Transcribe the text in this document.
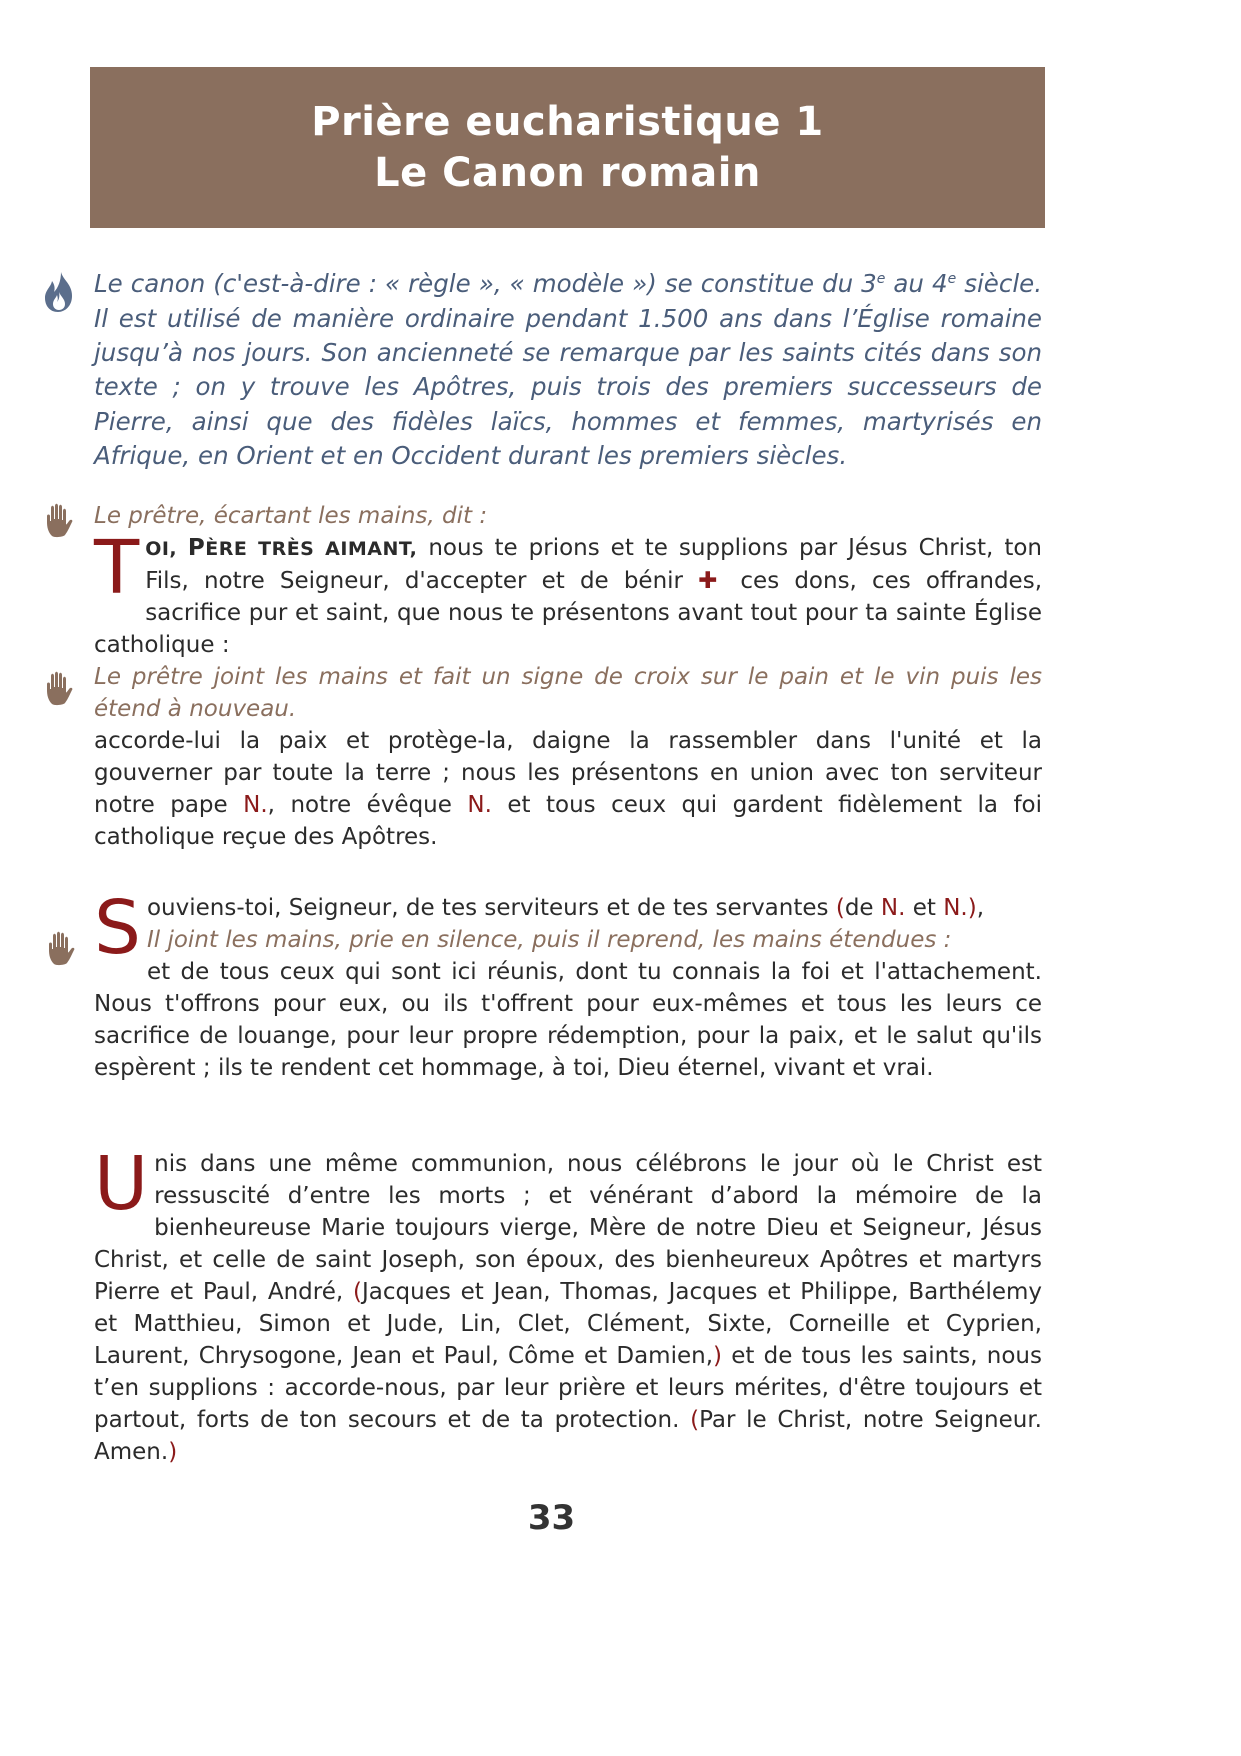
Prière eucharistique 1
Le Canon romain

Le canon (c'est-à-dire : « règle », « modèle ») se constitue du 3e au 4e siècle. Il est utilisé de manière ordinaire pendant 1.500 ans dans l’Église romaine jusqu’à nos jours. Son ancienneté se remarque par les saints cités dans son texte ; on y trouve les Apôtres, puis trois des premiers successeurs de Pierre, ainsi que des fidèles laïcs, hommes et femmes, martyrisés en Afrique, en Orient et en Occident durant les premiers siècles.

Le prêtre, écartant les mains, dit :

TOI, PÈRE TRÈS AIMANT, nous te prions et te supplions par Jésus Christ, ton Fils, notre Seigneur, d'accepter et de bénir ✚ ces dons, ces offrandes, sacrifice pur et saint, que nous te présentons avant tout pour ta sainte Église catholique :

Le prêtre joint les mains et fait un signe de croix sur le pain et le vin puis les étend à nouveau.

accorde-lui la paix et protège-la, daigne la rassembler dans l'unité et la gouverner par toute la terre ; nous les présentons en union avec ton serviteur notre pape N., notre évêque N. et tous ceux qui gardent fidèlement la foi catholique reçue des Apôtres.

Souviens-toi, Seigneur, de tes serviteurs et de tes servantes (de N. et N.),
Il joint les mains, prie en silence, puis il reprend, les mains étendues :
et de tous ceux qui sont ici réunis, dont tu connais la foi et l'attachement. Nous t'offrons pour eux, ou ils t'offrent pour eux-mêmes et tous les leurs ce sacrifice de louange, pour leur propre rédemption, pour la paix, et le salut qu'ils espèrent ; ils te rendent cet hommage, à toi, Dieu éternel, vivant et vrai.

Unis dans une même communion, nous célébrons le jour où le Christ est ressuscité d’entre les morts ; et vénérant d’abord la mémoire de la bienheureuse Marie toujours vierge, Mère de notre Dieu et Seigneur, Jésus Christ, et celle de saint Joseph, son époux, des bienheureux Apôtres et martyrs Pierre et Paul, André, (Jacques et Jean, Thomas, Jacques et Philippe, Barthélemy et Matthieu, Simon et Jude, Lin, Clet, Clément, Sixte, Corneille et Cyprien, Laurent, Chrysogone, Jean et Paul, Côme et Damien,) et de tous les saints, nous t’en supplions : accorde-nous, par leur prière et leurs mérites, d'être toujours et partout, forts de ton secours et de ta protection. (Par le Christ, notre Seigneur. Amen.)

33
